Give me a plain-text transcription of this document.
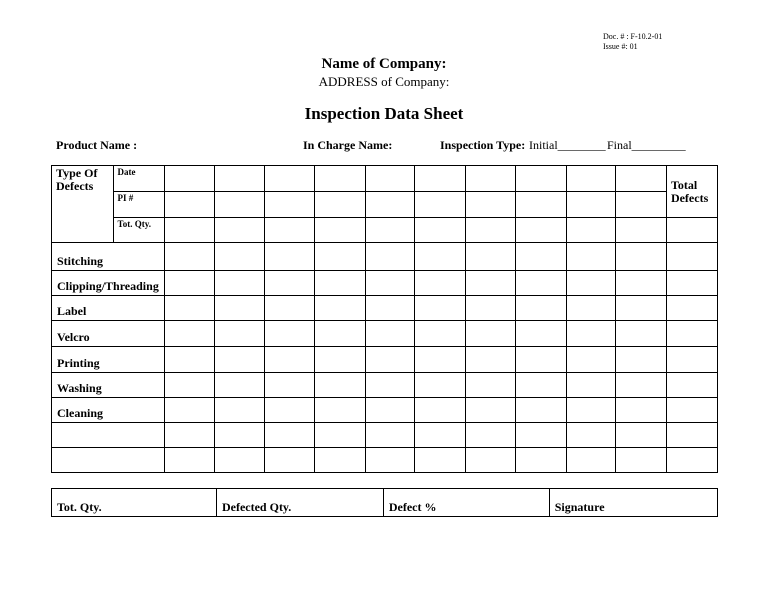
Doc. # : F-10.2-01
Issue #: 01
Name of Company:
ADDRESS of Company:
Inspection Data Sheet
Product Name :	In Charge Name:	Inspection Type: Initial________ Final_________
Type Of Defects	Date											Total Defects
	PI #											
	Tot. Qty.											
Stitching												
Clipping/Threading												
Label												
Velcro												
Printing												
Washing												
Cleaning												

Tot. Qty.	Defected Qty.	Defect %	Signature
